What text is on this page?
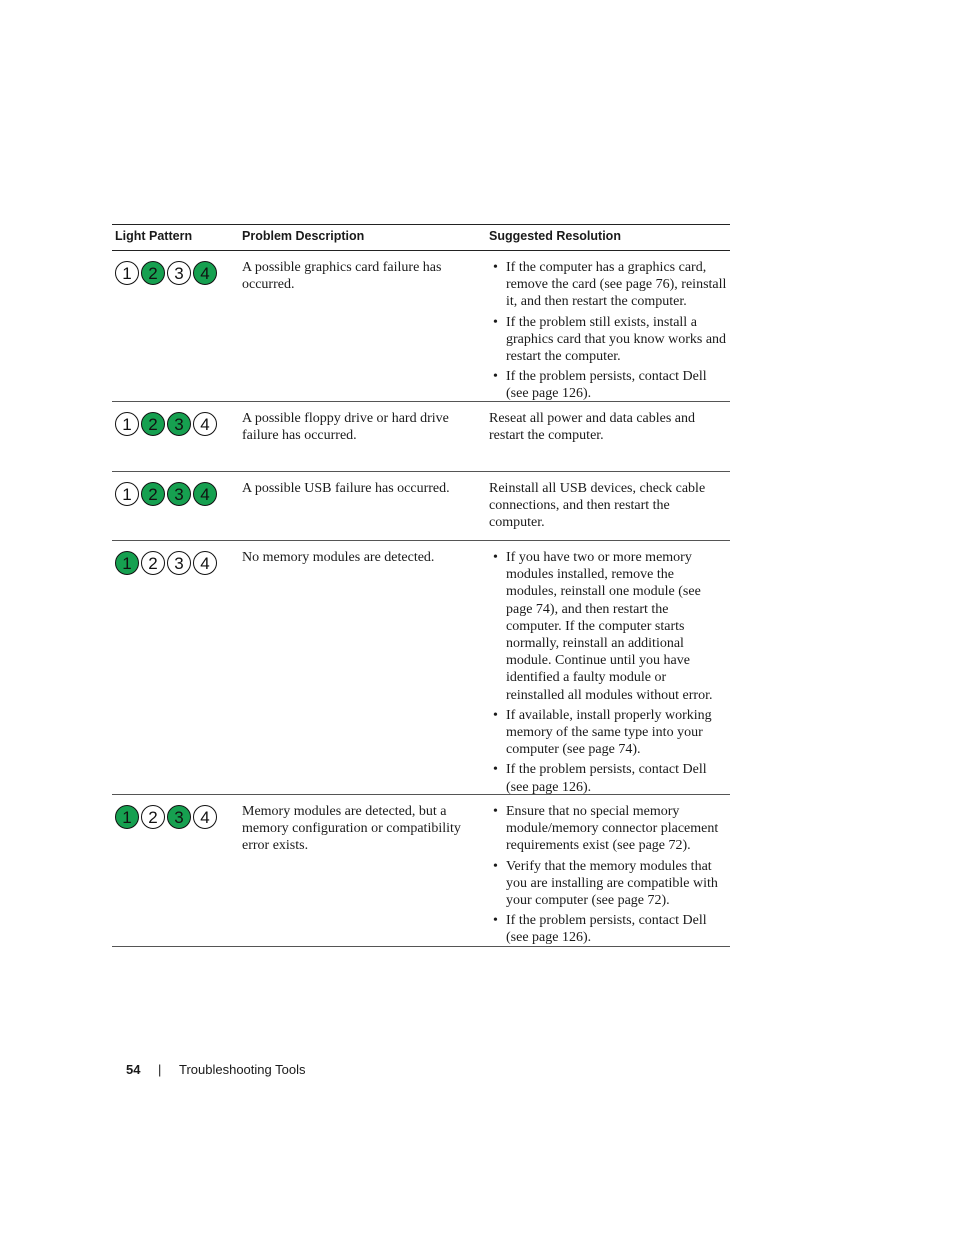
Light Pattern	Problem Description	Suggested Resolution
1 2 3 4	A possible graphics card failure has occurred.
• If the computer has a graphics card, remove the card (see page 76), reinstall it, and then restart the computer.
• If the problem still exists, install a graphics card that you know works and restart the computer.
• If the problem persists, contact Dell (see page 126).
1 2 3 4	A possible floppy drive or hard drive failure has occurred.
Reseat all power and data cables and restart the computer.
1 2 3 4	A possible USB failure has occurred.	Reinstall all USB devices, check cable connections, and then restart the computer.
1 2 3 4	No memory modules are detected.
•	If you have two or more memory modules installed, remove the modules, reinstall one module (see page 74), and then restart the computer. If the computer starts normally, reinstall an additional module. Continue until you have identified a faulty module or reinstalled all modules without error.
• If available, install properly working memory of the same type into your computer (see page 74).
• If the problem persists, contact Dell (see page 126).
1 2 3 4	Memory modules are detected, but a memory configuration or compatibility error exists.
• Ensure that no special memory module/memory connector placement requirements exist (see page 72).
• Verify that the memory modules that you are installing are compatible with your computer (see page 72).
• If the problem persists, contact Dell (see page 126).
54 | Troubleshooting Tools
